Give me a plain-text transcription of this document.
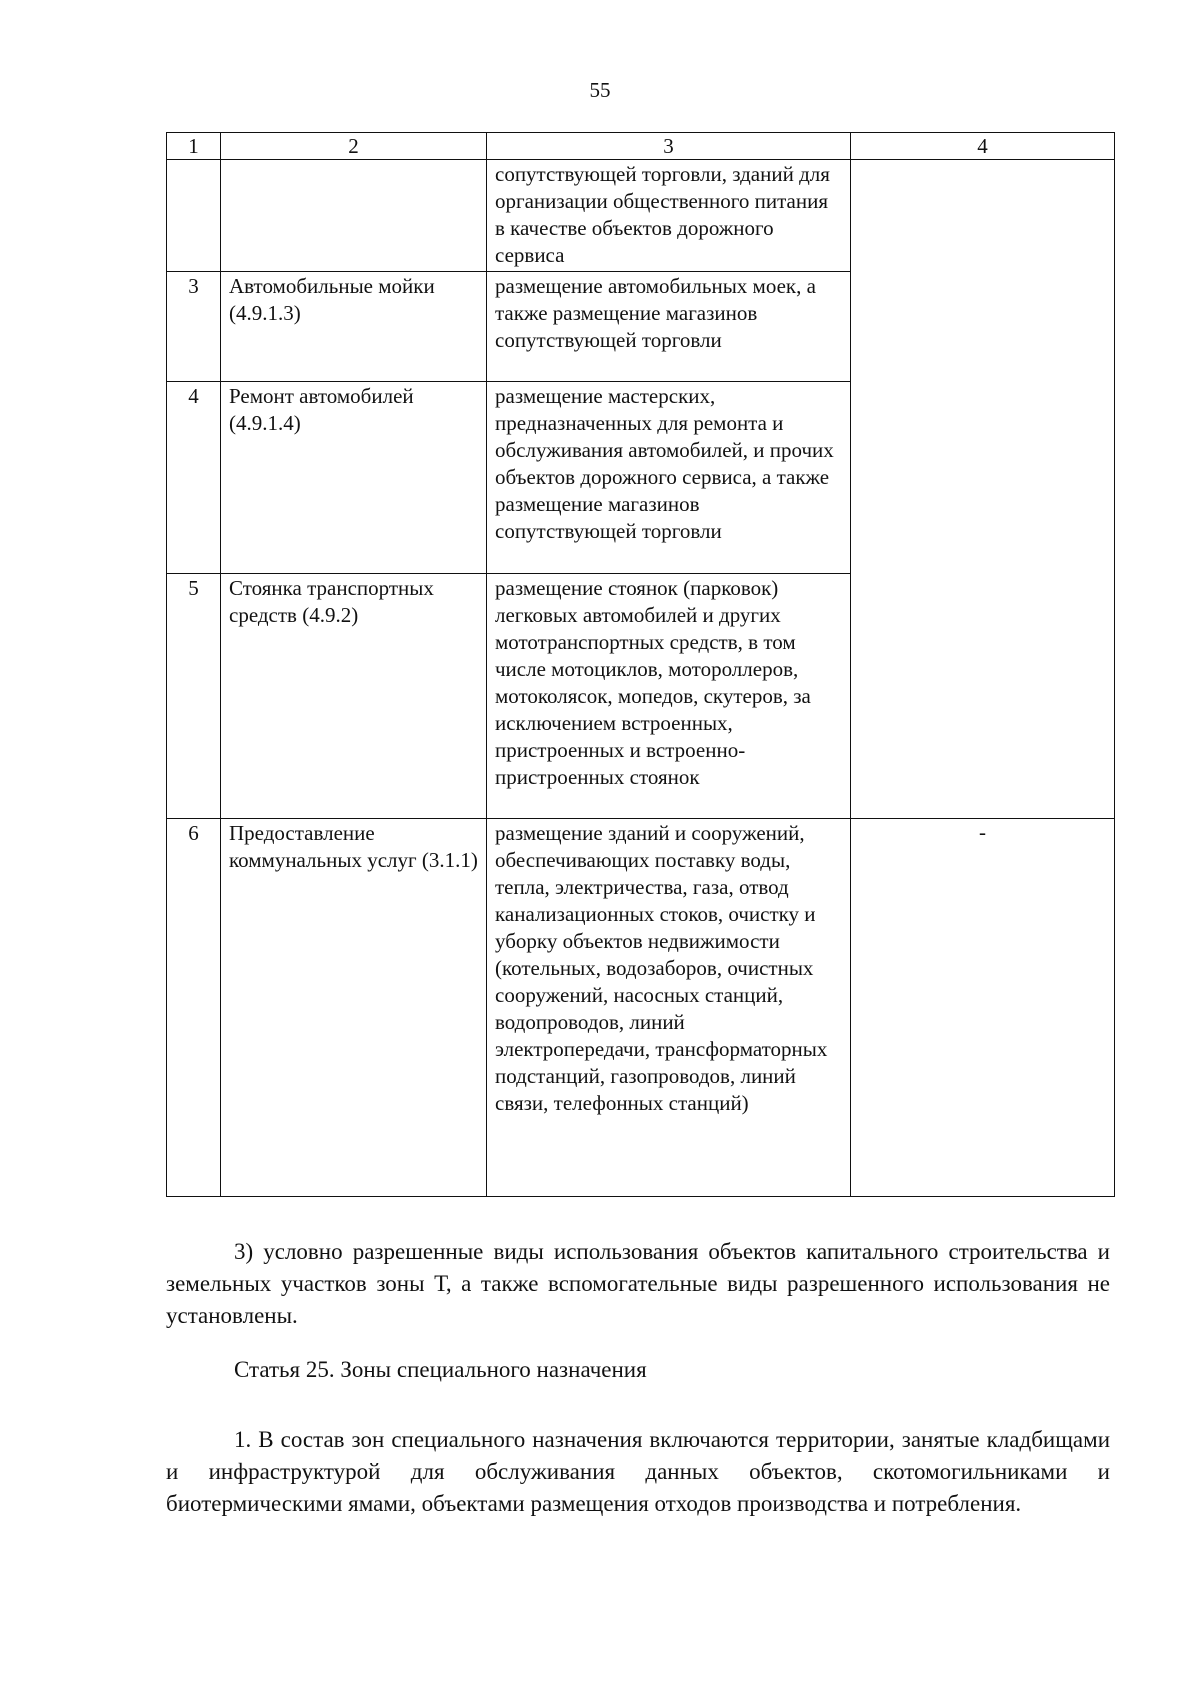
55
1	2	3	4
		сопутствующей торговли, зданий для организации общественного питания в качестве объектов дорожного сервиса	
3	Автомобильные мойки (4.9.1.3)	размещение автомобильных моек, а также размещение магазинов сопутствующей торговли	
4	Ремонт автомобилей (4.9.1.4)	размещение мастерских, предназначенных для ремонта и обслуживания автомобилей, и прочих объектов дорожного сервиса, а также размещение магазинов сопутствующей торговли	
5	Стоянка транспортных средств (4.9.2)	размещение стоянок (парковок) легковых автомобилей и других мототранспортных средств, в том числе мотоциклов, мотороллеров, мотоколясок, мопедов, скутеров, за исключением встроенных, пристроенных и встроенно-пристроенных стоянок	
6	Предоставление коммунальных услуг (3.1.1)	размещение зданий и сооружений, обеспечивающих поставку воды, тепла, электричества, газа, отвод канализационных стоков, очистку и уборку объектов недвижимости (котельных, водозаборов, очистных сооружений, насосных станций, водопроводов, линий электропередачи, трансформаторных подстанций, газопроводов, линий связи, телефонных станций)	-

3) условно разрешенные виды использования объектов капитального строительства и земельных участков зоны Т, а также вспомогательные виды разрешенного использования не установлены.

Статья 25. Зоны специального назначения

1. В состав зон специального назначения включаются территории, занятые кладбищами и инфраструктурой для обслуживания данных объектов, скотомогильниками и биотермическими ямами, объектами размещения отходов производства и потребления.
